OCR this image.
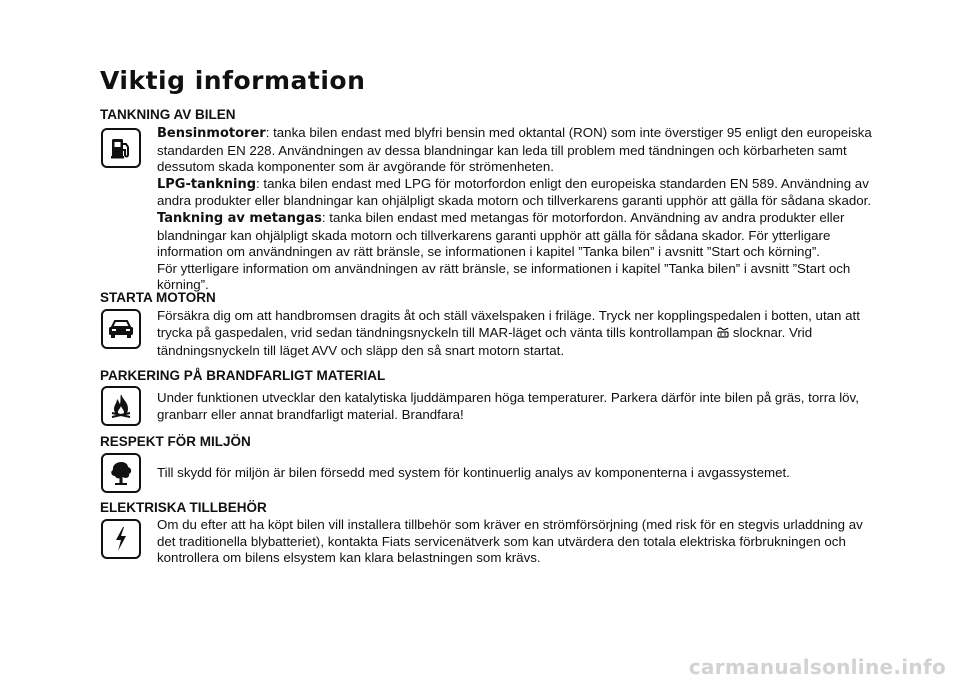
Viktig information
TANKNING AV BILEN

Bensinmotorer: tanka bilen endast med blyfri bensin med oktantal (RON) som inte överstiger 95 enligt den europeiska standarden EN 228. Användningen av dessa blandningar kan leda till problem med tändningen och körbarheten samt dessutom skada komponenter som är avgörande för strömenheten.

LPG-tankning: tanka bilen endast med LPG för motorfordon enligt den europeiska standarden EN 589. Användning av andra produkter eller blandningar kan ohjälpligt skada motorn och tillverkarens garanti upphör att gälla för sådana skador.

Tankning av metangas: tanka bilen endast med metangas för motorfordon. Användning av andra produkter eller blandningar kan ohjälpligt skada motorn och tillverkarens garanti upphör att gälla för sådana skador. För ytterligare information om användningen av rätt bränsle, se informationen i kapitel ”Tanka bilen” i avsnitt ”Start och körning”.

För ytterligare information om användningen av rätt bränsle, se informationen i kapitel ”Tanka bilen” i avsnitt ”Start och körning”.

STARTA MOTORN

Försäkra dig om att handbromsen dragits åt och ställ växelspaken i friläge. Tryck ner kopplingspedalen i botten, utan att trycka på gaspedalen, vrid sedan tändningsnyckeln till MAR-läget och vänta tills kontrollampan slocknar. Vrid tändningsnyckeln till läget AVV och släpp den så snart motorn startat.

PARKERING PÅ BRANDFARLIGT MATERIAL

Under funktionen utvecklar den katalytiska ljuddämparen höga temperaturer. Parkera därför inte bilen på gräs, torra löv, granbarr eller annat brandfarligt material. Brandfara!

RESPEKT FÖR MILJÖN

Till skydd för miljön är bilen försedd med system för kontinuerlig analys av komponenterna i avgassystemet.

ELEKTRISKA TILLBEHÖR

Om du efter att ha köpt bilen vill installera tillbehör som kräver en strömförsörjning (med risk för en stegvis urladdning av det traditionella blybatteriet), kontakta Fiats servicenätverk som kan utvärdera den totala elektriska förbrukningen och kontrollera om bilens elsystem kan klara belastningen som krävs.

carmanualsonline.info
